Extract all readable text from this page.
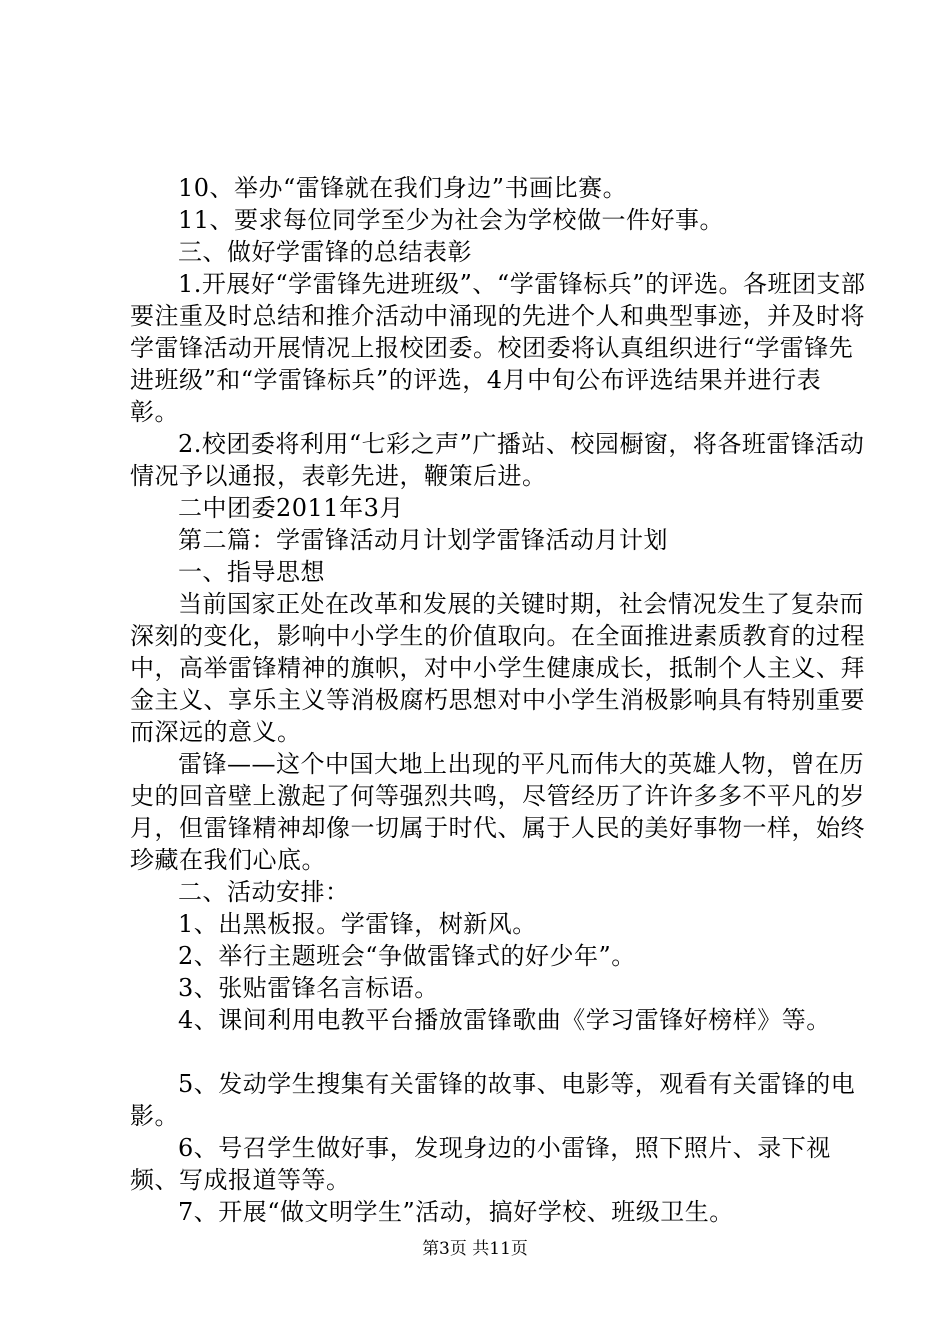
10、举办“雷锋就在我们身边”书画比赛。

11、要求每位同学至少为社会为学校做一件好事。

三、做好学雷锋的总结表彰

1.开展好“学雷锋先进班级”、“学雷锋标兵”的评选。各班团支部要注重及时总结和推介活动中涌现的先进个人和典型事迹，并及时将学雷锋活动开展情况上报校团委。校团委将认真组织进行“学雷锋先进班级”和“学雷锋标兵”的评选，4月中旬公布评选结果并进行表彰。

2.校团委将利用“七彩之声”广播站、校园橱窗，将各班雷锋活动情况予以通报，表彰先进，鞭策后进。

二中团委2011年3月

第二篇：学雷锋活动月计划学雷锋活动月计划

一、指导思想

当前国家正处在改革和发展的关键时期，社会情况发生了复杂而深刻的变化，影响中小学生的价值取向。在全面推进素质教育的过程中，高举雷锋精神的旗帜，对中小学生健康成长，抵制个人主义、拜金主义、享乐主义等消极腐朽思想对中小学生消极影响具有特别重要而深远的意义。

雷锋——这个中国大地上出现的平凡而伟大的英雄人物，曾在历史的回音壁上激起了何等强烈共鸣，尽管经历了许许多多不平凡的岁月，但雷锋精神却像一切属于时代、属于人民的美好事物一样，始终珍藏在我们心底。

二、活动安排：

1、出黑板报。学雷锋，树新风。

2、举行主题班会“争做雷锋式的好少年”。

3、张贴雷锋名言标语。

4、课间利用电教平台播放雷锋歌曲《学习雷锋好榜样》等。

5、发动学生搜集有关雷锋的故事、电影等，观看有关雷锋的电影。

6、号召学生做好事，发现身边的小雷锋，照下照片、录下视频、写成报道等等。

7、开展“做文明学生”活动，搞好学校、班级卫生。

第3页 共11页
